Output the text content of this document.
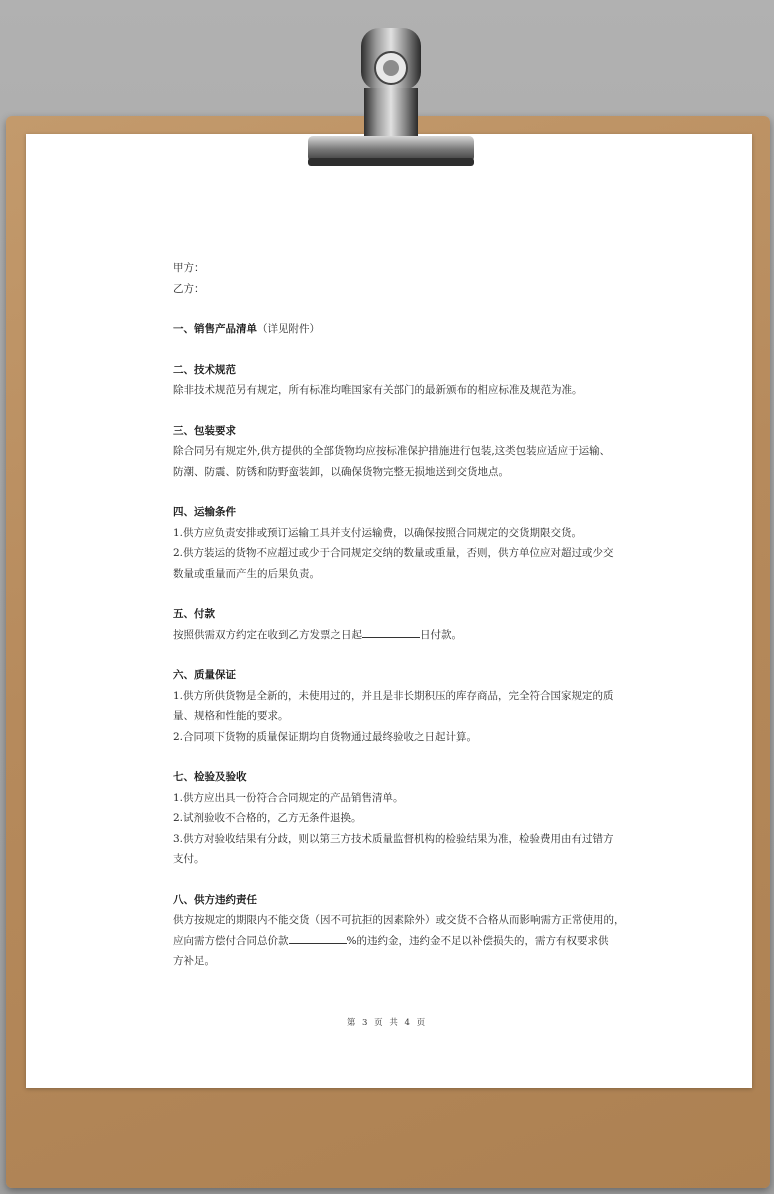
甲方：
乙方：
一、销售产品清单（详见附件）
二、技术规范
除非技术规范另有规定，所有标准均唯国家有关部门的最新颁布的相应标准及规范为准。
三、包装要求
除合同另有规定外,供方提供的全部货物均应按标准保护措施进行包装,这类包装应适应于运输、
防潮、防震、防锈和防野蛮装卸，以确保货物完整无损地送到交货地点。
四、运输条件
1.供方应负责安排或预订运输工具并支付运输费，以确保按照合同规定的交货期限交货。
2.供方装运的货物不应超过或少于合同规定交纳的数量或重量，否则，供方单位应对超过或少交
数量或重量而产生的后果负责。
五、付款
按照供需双方约定在收到乙方发票之日起	日付款。
六、质量保证
1.供方所供货物是全新的，未使用过的，并且是非长期积压的库存商品，完全符合国家规定的质
量、规格和性能的要求。
2.合同项下货物的质量保证期均自货物通过最终验收之日起计算。
七、检验及验收
1.供方应出具一份符合合同规定的产品销售清单。
2.试剂验收不合格的，乙方无条件退换。
3.供方对验收结果有分歧，则以第三方技术质量监督机构的检验结果为准，检验费用由有过错方
支付。
八、供方违约责任
供方按规定的期限内不能交货（因不可抗拒的因素除外）或交货不合格从而影响需方正常使用的，
应向需方偿付合同总价款	%的违约金，违约金不足以补偿损失的，需方有权要求供
方补足。
第 3 页 共 4 页
